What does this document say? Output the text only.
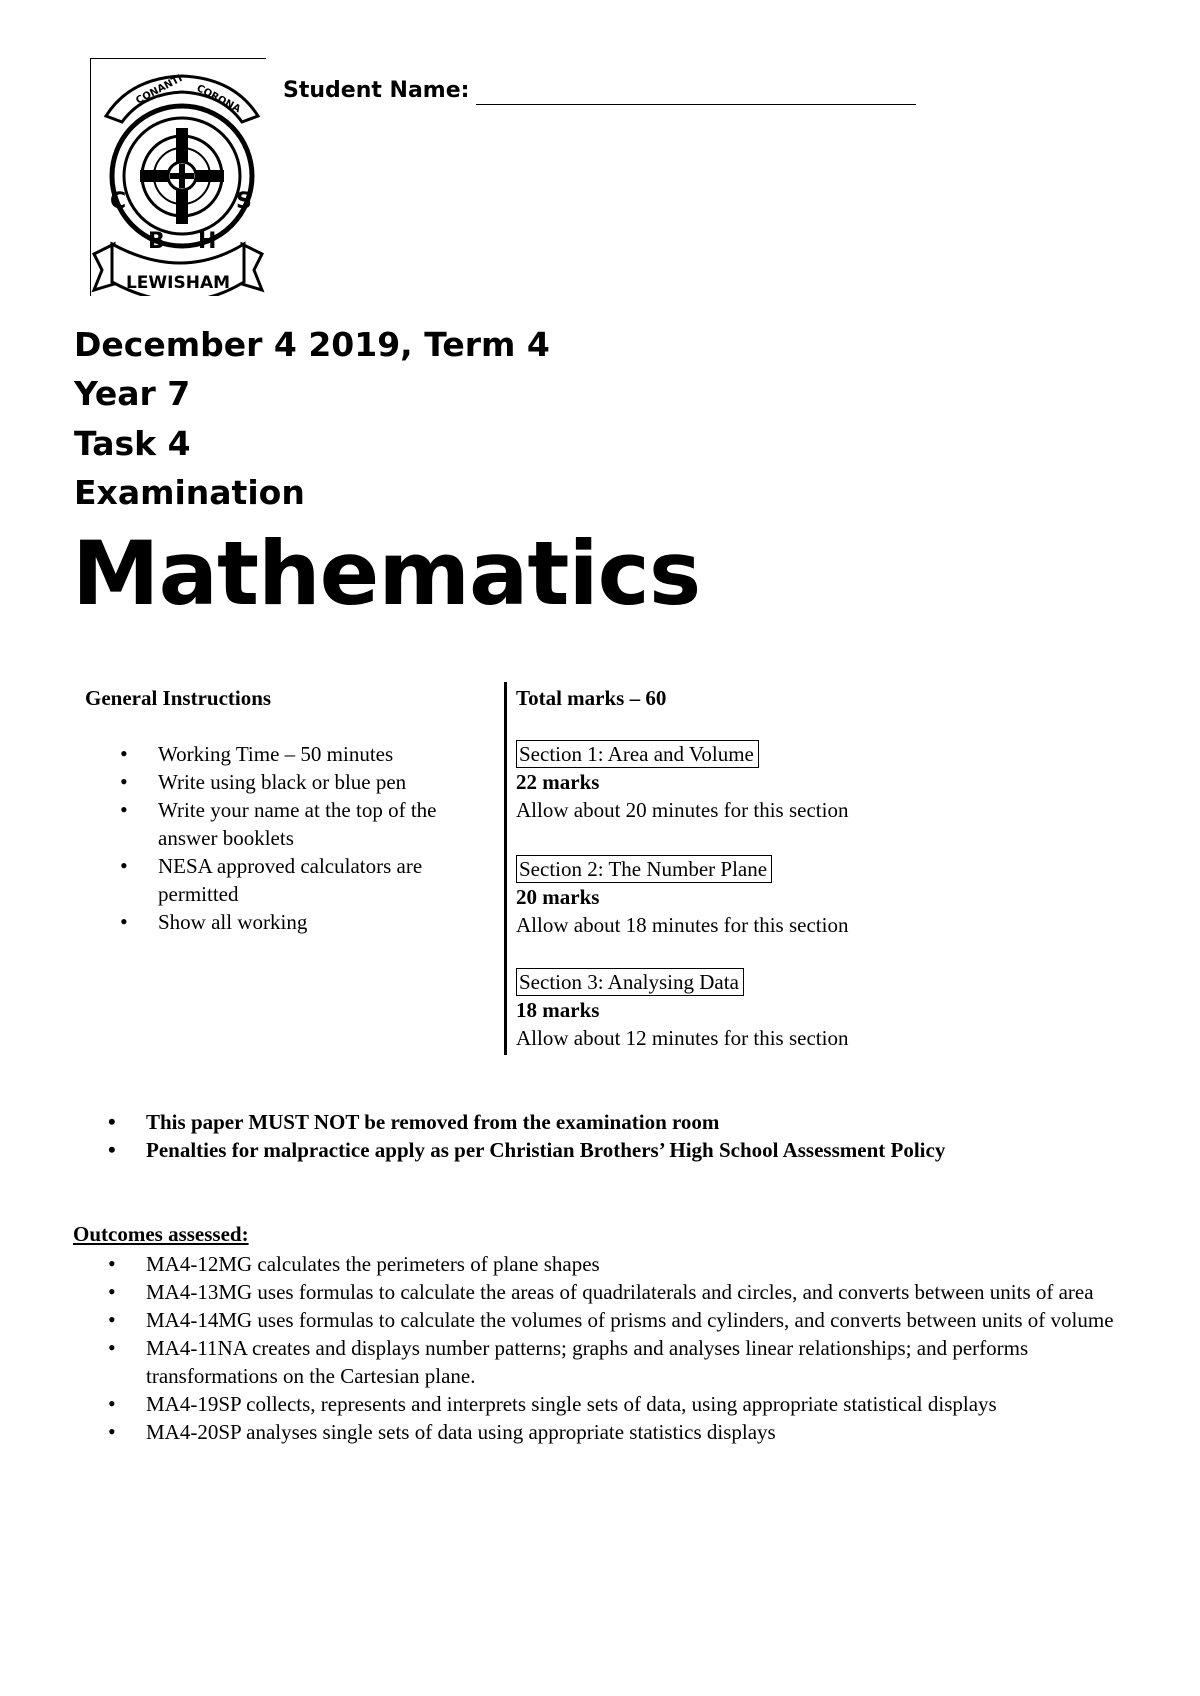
CONANTI CORONA
C
B H
S
LEWISHAM
Student Name:
December 4 2019, Term 4
Year 7
Task 4
Examination
Mathematics
General Instructions
• Working Time – 50 minutes
• Write using black or blue pen
• Write your name at the top of the answer booklets
• NESA approved calculators are permitted
• Show all working
Total marks – 60
Section 1: Area and Volume
22 marks
Allow about 20 minutes for this section
Section 2: The Number Plane
20 marks
Allow about 18 minutes for this section
Section 3: Analysing Data
18 marks
Allow about 12 minutes for this section
• This paper MUST NOT be removed from the examination room
• Penalties for malpractice apply as per Christian Brothers’ High School Assessment Policy
Outcomes assessed:
• MA4-12MG calculates the perimeters of plane shapes
• MA4-13MG uses formulas to calculate the areas of quadrilaterals and circles, and converts between units of area
• MA4-14MG uses formulas to calculate the volumes of prisms and cylinders, and converts between units of volume
• MA4-11NA creates and displays number patterns; graphs and analyses linear relationships; and performs transformations on the Cartesian plane.
• MA4-19SP collects, represents and interprets single sets of data, using appropriate statistical displays
• MA4-20SP analyses single sets of data using appropriate statistics displays
